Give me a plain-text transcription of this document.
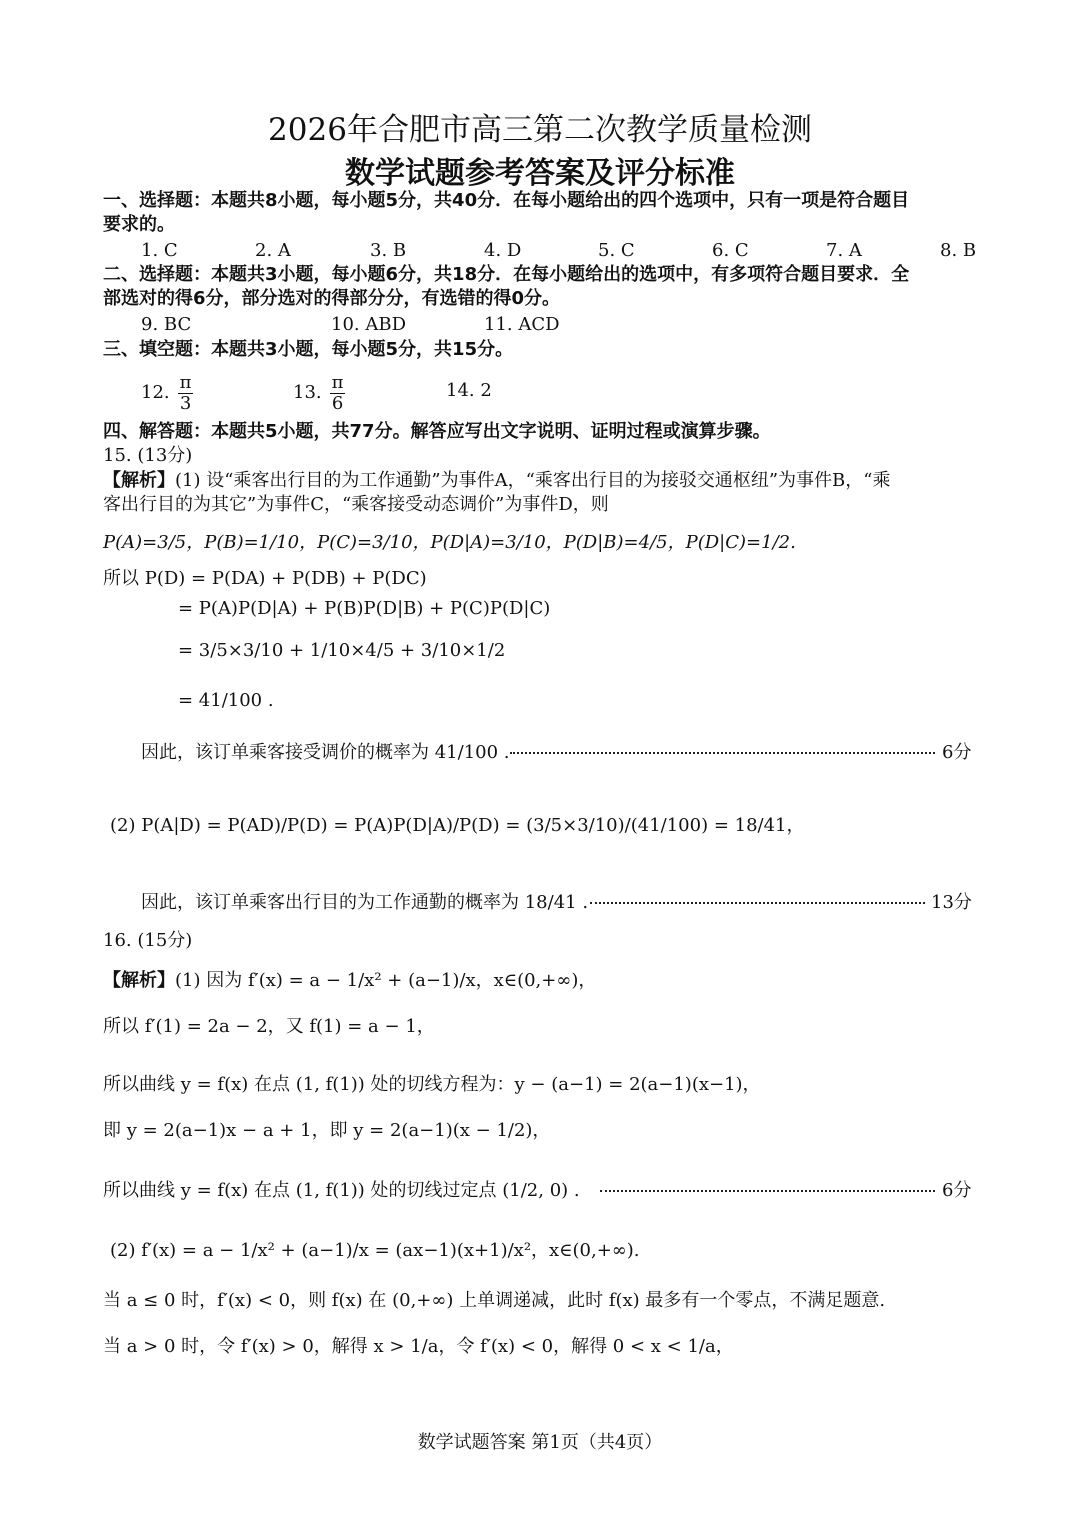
2026年合肥市高三第二次教学质量检测
数学试题参考答案及评分标准
一、选择题：本题共8小题，每小题5分，共40分．在每小题给出的四个选项中，只有一项是符合题目
要求的。
1. C	2. A	3. B	4. D	5. C	6. C	7. A	8. B
二、选择题：本题共3小题，每小题6分，共18分．在每小题给出的选项中，有多项符合题目要求．全
部选对的得6分，部分选对的得部分分，有选错的得0分。
9. BC	10. ABD	11. ACD
三、填空题：本题共3小题，每小题5分，共15分。
12. $\frac{\pi}{3}$	13. $\frac{\pi}{6}$	14. 2
四、解答题：本题共5小题，共77分。解答应写出文字说明、证明过程或演算步骤。
15. (13分)
【解析】(1) 设“乘客出行目的为工作通勤”为事件A，“乘客出行目的为接驳交通枢纽”为事件B，“乘
客出行目的为其它”为事件C，“乘客接受动态调价”为事件D，则
P(A)=3/5，P(B)=1/10，P(C)=3/10，P(D|A)=3/10，P(D|B)=4/5，P(D|C)=1/2.
所以 P(D) = P(DA) + P(DB) + P(DC)
= P(A)P(D|A) + P(B)P(D|B) + P(C)P(D|C)
= 3/5×3/10 + 1/10×4/5 + 3/10×1/2
= 41/100 .
因此，该订单乘客接受调价的概率为 41/100 .	6分
(2) P(A|D) = P(AD)/P(D) = P(A)P(D|A)/P(D) = (3/5×3/10)/(41/100) = 18/41，
因此，该订单乘客出行目的为工作通勤的概率为 18/41 .	13分
16. (15分)
【解析】(1) 因为 f′(x) = a − 1/x² + (a−1)/x，x∈(0,+∞)，
所以 f′(1) = 2a − 2，又 f(1) = a − 1，
所以曲线 y = f(x) 在点 (1, f(1)) 处的切线方程为：y − (a−1) = 2(a−1)(x−1)，
即 y = 2(a−1)x − a + 1，即 y = 2(a−1)(x − 1/2)，
所以曲线 y = f(x) 在点 (1, f(1)) 处的切线过定点 (1/2, 0) .	6分
(2) f′(x) = a − 1/x² + (a−1)/x = (ax−1)(x+1)/x²，x∈(0,+∞).
当 a ≤ 0 时，f′(x) < 0，则 f(x) 在 (0,+∞) 上单调递减，此时 f(x) 最多有一个零点，不满足题意.
当 a > 0 时，令 f′(x) > 0，解得 x > 1/a，令 f′(x) < 0，解得 0 < x < 1/a，
数学试题答案 第1页（共4页）
